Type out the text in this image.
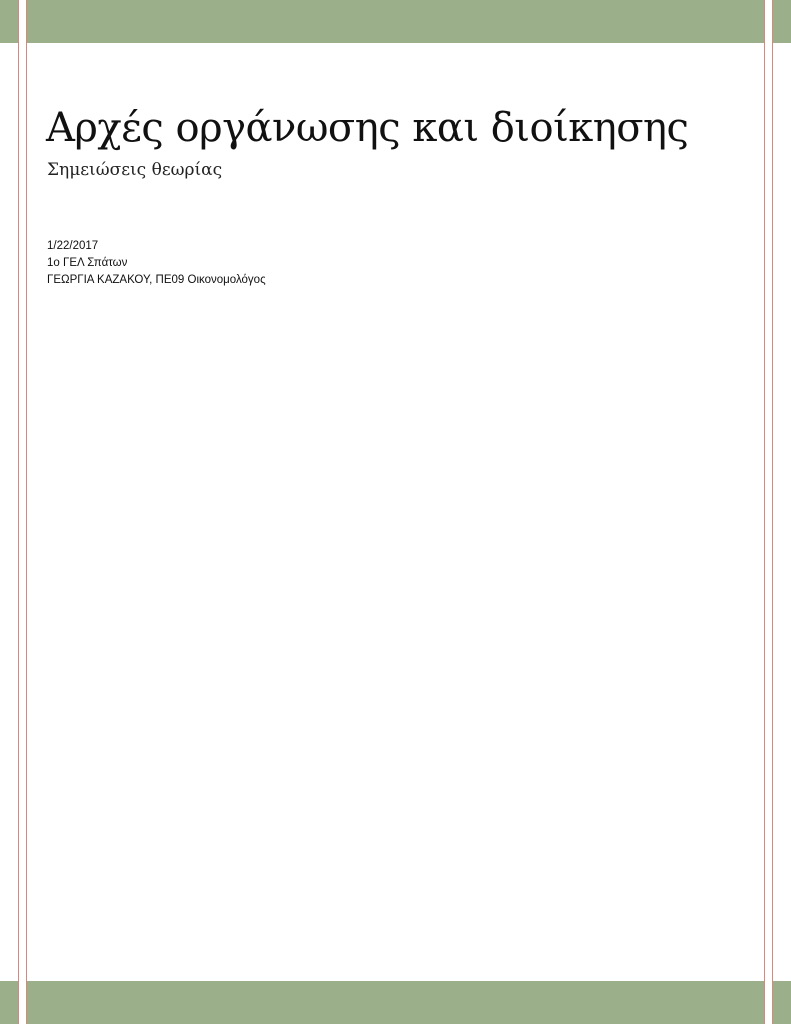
Αρχές οργάνωσης και διοίκησης
Σημειώσεις θεωρίας
1/22/2017
1ο ΓΕΛ Σπάτων
ΓΕΩΡΓΙΑ ΚΑΖΑΚΟΥ, ΠΕ09 Οικονομολόγος
